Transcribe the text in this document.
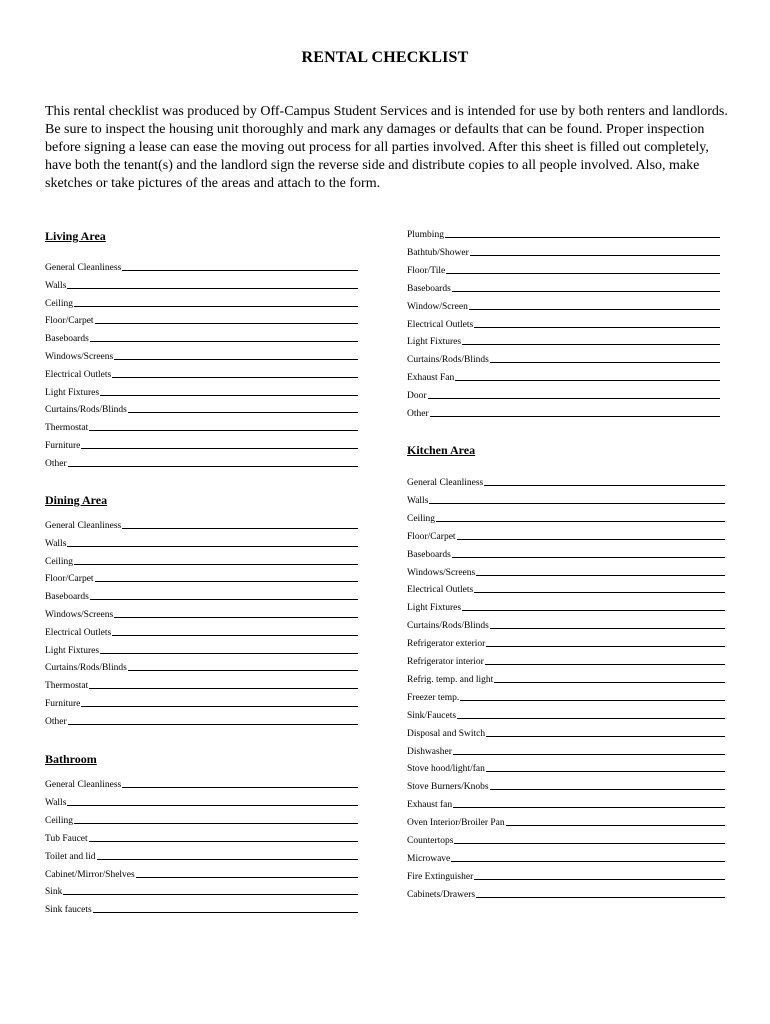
RENTAL CHECKLIST
This rental checklist was produced by Off-Campus Student Services and is intended for use by both renters and landlords. Be sure to inspect the housing unit thoroughly and mark any damages or defaults that can be found. Proper inspection before signing a lease can ease the moving out process for all parties involved. After this sheet is filled out completely, have both the tenant(s) and the landlord sign the reverse side and distribute copies to all people involved. Also, make sketches or take pictures of the areas and attach to the form.
Living Area
General Cleanliness
Walls
Ceiling
Floor/Carpet
Baseboards
Windows/Screens
Electrical Outlets
Light Fixtures
Curtains/Rods/Blinds
Thermostat
Furniture
Other
Dining Area
General Cleanliness
Walls
Ceiling
Floor/Carpet
Baseboards
Windows/Screens
Electrical Outlets
Light Fixtures
Curtains/Rods/Blinds
Thermostat
Furniture
Other
Bathroom
General Cleanliness
Walls
Ceiling
Tub Faucet
Toilet and lid
Cabinet/Mirror/Shelves
Sink
Sink faucets
Plumbing
Bathtub/Shower
Floor/Tile
Baseboards
Window/Screen
Electrical Outlets
Light Fixtures
Curtains/Rods/Blinds
Exhaust Fan
Door
Other
Kitchen Area
General Cleanliness
Walls
Ceiling
Floor/Carpet
Baseboards
Windows/Screens
Electrical Outlets
Light Fixtures
Curtains/Rods/Blinds
Refrigerator exterior
Refrigerator interior
Refrig. temp. and light
Freezer temp.
Sink/Faucets
Disposal and Switch
Dishwasher
Stove hood/light/fan
Stove Burners/Knobs
Exhaust fan
Oven Interior/Broiler Pan
Countertops
Microwave
Fire Extinguisher
Cabinets/Drawers
